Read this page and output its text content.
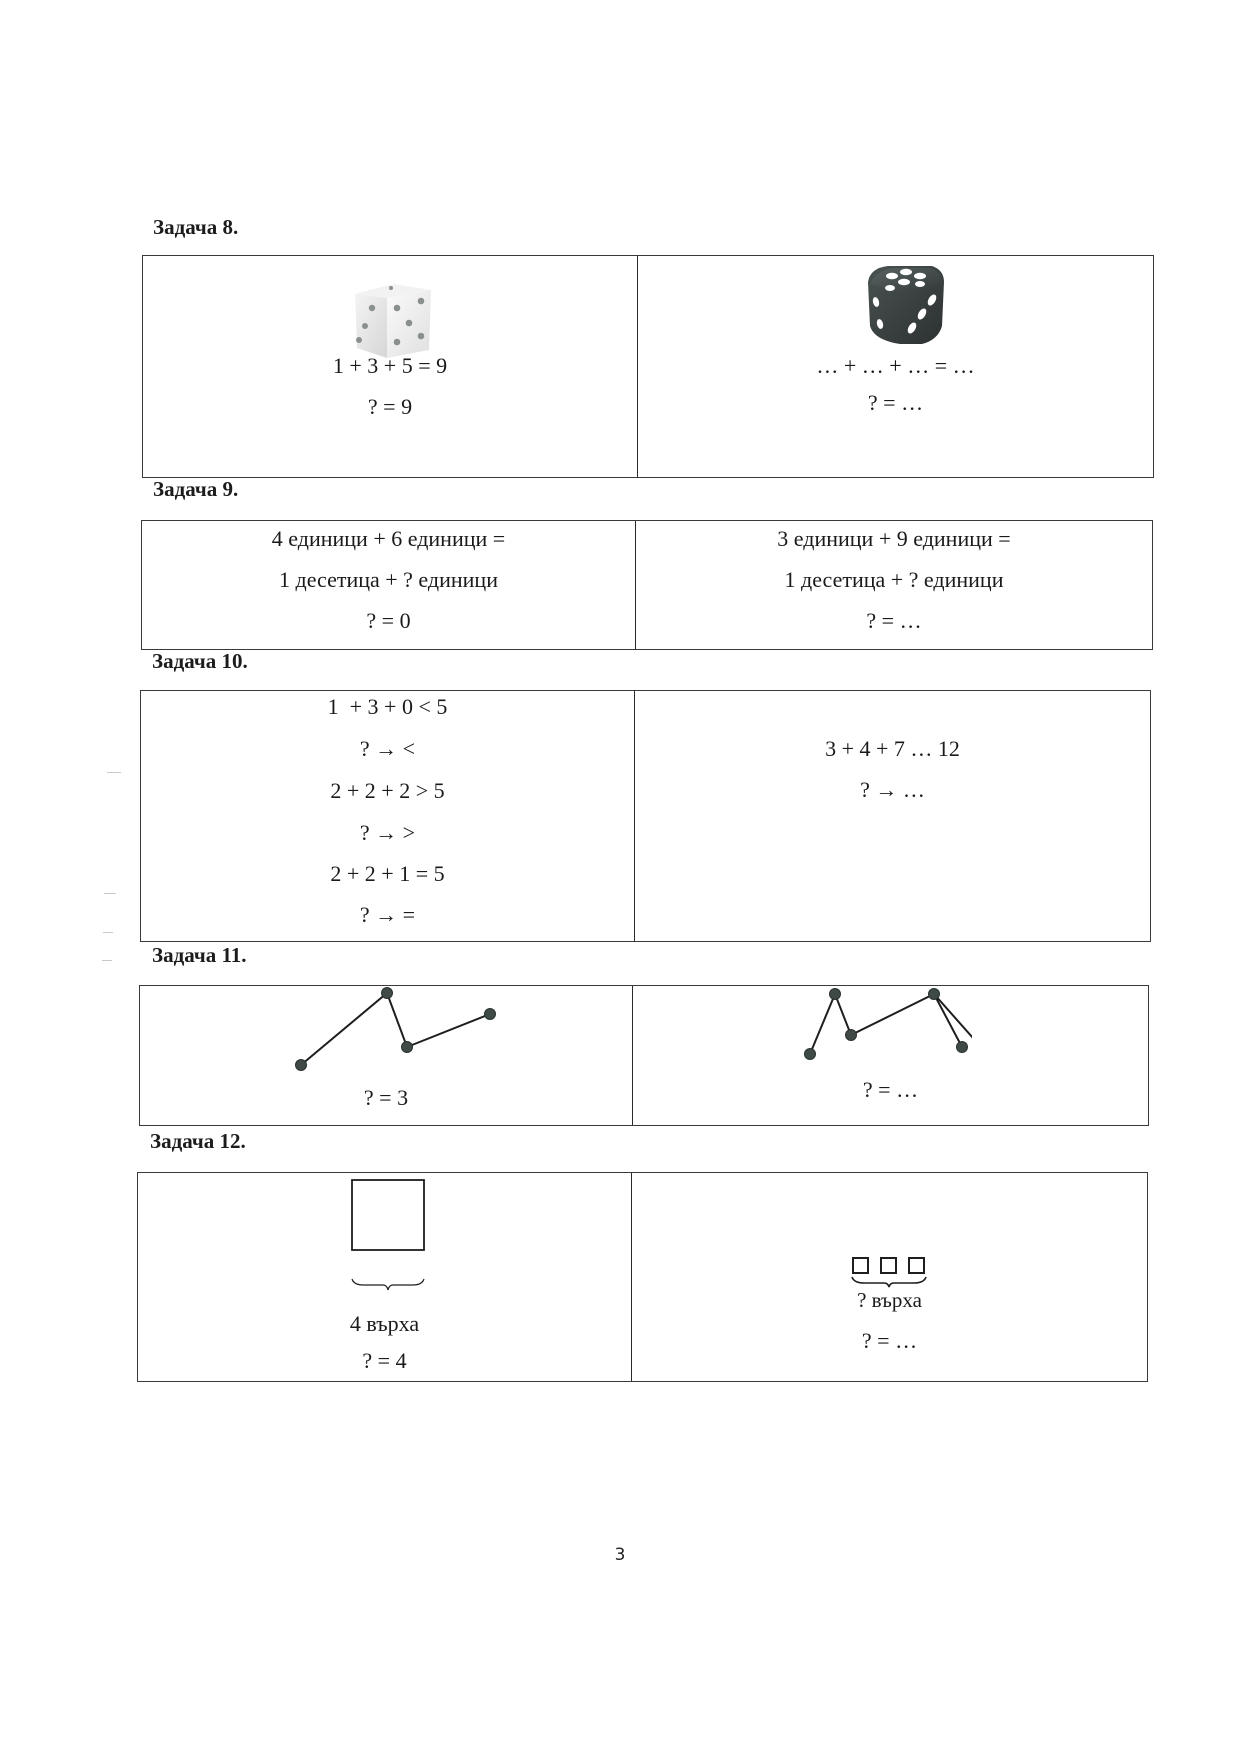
Задача 8.
1 + 3 + 5 = 9
? = 9
… + … + … = …
? = …
Задача 9.
4 единици + 6 единици =
1 десетица + ? единици
? = 0
3 единици + 9 единици =
1 десетица + ? единици
? = …
Задача 10.
1  + 3 + 0 < 5
? → <
2 + 2 + 2 > 5
? → >
2 + 2 + 1 = 5
? → =
3 + 4 + 7 … 12
? → …
Задача 11.
? = 3	? = …
Задача 12.
4 върха
? = 4
? върха
? = …
3
